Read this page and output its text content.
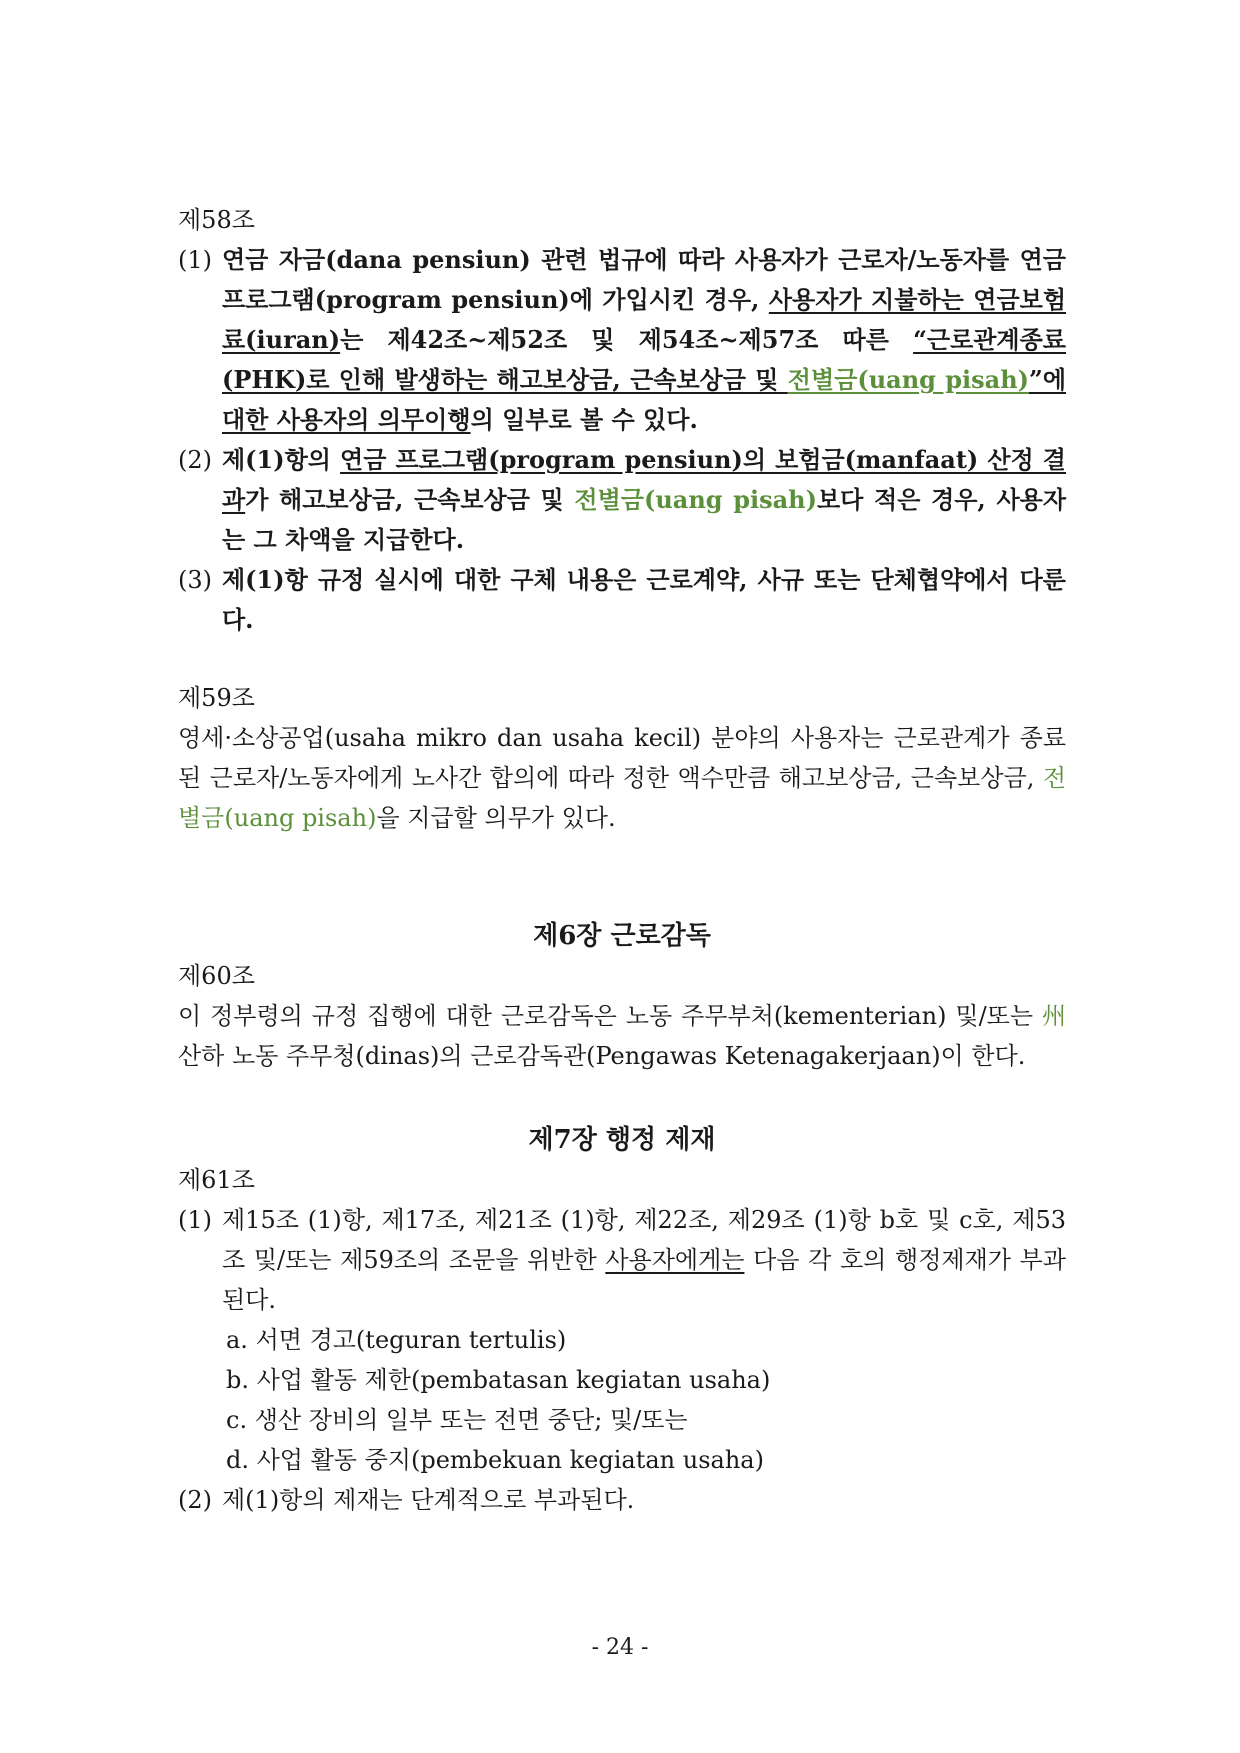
제58조

(1) 연금 자금(dana pensiun) 관련 법규에 따라 사용자가 근로자/노동자를 연금프로그램(program pensiun)에 가입시킨 경우, 사용자가 지불하는 연금보험료(iuran)는 제42조~제52조 및 제54조~제57조 따른 “근로관계종료(PHK)로 인해 발생하는 해고보상금, 근속보상금 및 전별금(uang pisah)”에 대한 사용자의 의무이행의 일부로 볼 수 있다.
(2) 제(1)항의 연금 프로그램(program pensiun)의 보험금(manfaat) 산정 결과가 해고보상금, 근속보상금 및 전별금(uang pisah)보다 적은 경우, 사용자는 그 차액을 지급한다.
(3) 제(1)항 규정 실시에 대한 구체 내용은 근로계약, 사규 또는 단체협약에서 다룬다.

제59조

영세·소상공업(usaha mikro dan usaha kecil) 분야의 사용자는 근로관계가 종료된 근로자/노동자에게 노사간 합의에 따라 정한 액수만큼 해고보상금, 근속보상금, 전별금(uang pisah)을 지급할 의무가 있다.

제6장 근로감독

제60조

이 정부령의 규정 집행에 대한 근로감독은 노동 주무부처(kementerian) 및/또는 州산하 노동 주무청(dinas)의 근로감독관(Pengawas Ketenagakerjaan)이 한다.

제7장 행정 제재

제61조

(1) 제15조 (1)항, 제17조, 제21조 (1)항, 제22조, 제29조 (1)항 b호 및 c호, 제53조 및/또는 제59조의 조문을 위반한 사용자에게는 다음 각 호의 행정제재가 부과된다.
a. 서면 경고(teguran tertulis)
b. 사업 활동 제한(pembatasan kegiatan usaha)
c. 생산 장비의 일부 또는 전면 중단; 및/또는
d. 사업 활동 중지(pembekuan kegiatan usaha)
(2) 제(1)항의 제재는 단계적으로 부과된다.
- 24 -
